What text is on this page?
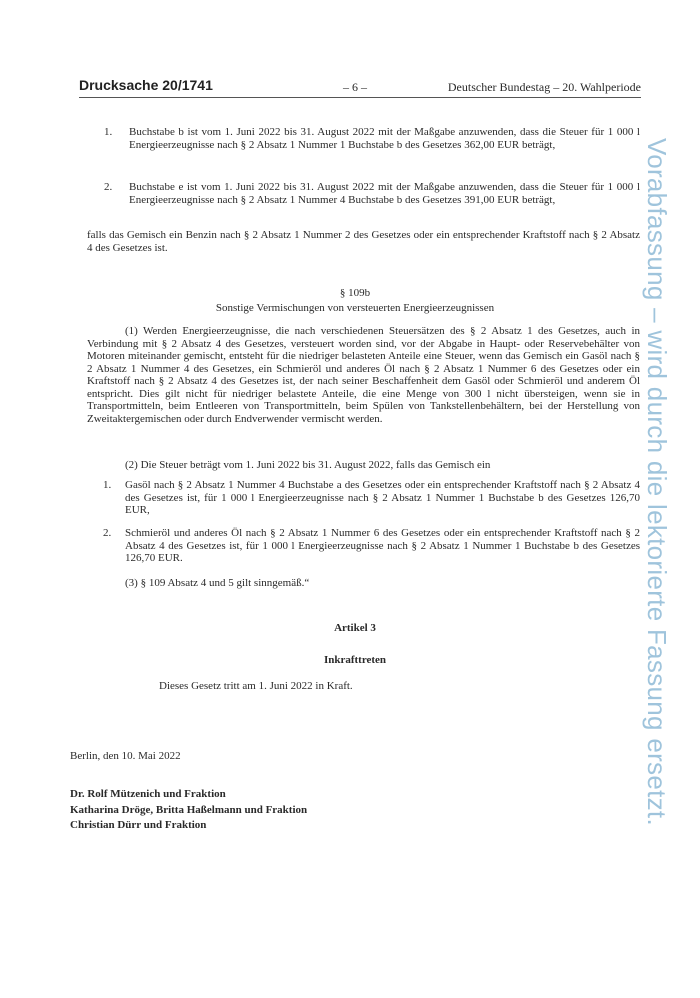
Drucksache 20/1741	– 6 –	Deutscher Bundestag – 20. Wahlperiode
1. Buchstabe b ist vom 1. Juni 2022 bis 31. August 2022 mit der Maßgabe anzuwenden, dass die Steuer für 1 000 l Energieerzeugnisse nach § 2 Absatz 1 Nummer 1 Buchstabe b des Gesetzes 362,00 EUR beträgt,
2. Buchstabe e ist vom 1. Juni 2022 bis 31. August 2022 mit der Maßgabe anzuwenden, dass die Steuer für 1 000 l Energieerzeugnisse nach § 2 Absatz 1 Nummer 4 Buchstabe b des Gesetzes 391,00 EUR beträgt,
falls das Gemisch ein Benzin nach § 2 Absatz 1 Nummer 2 des Gesetzes oder ein entsprechender Kraftstoff nach § 2 Absatz 4 des Gesetzes ist.
§ 109b
Sonstige Vermischungen von versteuerten Energieerzeugnissen
(1) Werden Energieerzeugnisse, die nach verschiedenen Steuersätzen des § 2 Absatz 1 des Gesetzes, auch in Verbindung mit § 2 Absatz 4 des Gesetzes, versteuert worden sind, vor der Abgabe in Haupt- oder Reservebehälter von Motoren miteinander gemischt, entsteht für die niedriger belasteten Anteile eine Steuer, wenn das Gemisch ein Gasöl nach § 2 Absatz 1 Nummer 4 des Gesetzes, ein Schmieröl und anderes Öl nach § 2 Absatz 1 Nummer 6 des Gesetzes oder ein Kraftstoff nach § 2 Absatz 4 des Gesetzes ist, der nach seiner Beschaffenheit dem Gasöl oder Schmieröl und anderem Öl entspricht. Dies gilt nicht für niedriger belastete Anteile, die eine Menge von 300 l nicht übersteigen, wenn sie in Transportmitteln, beim Entleeren von Transportmitteln, beim Spülen von Tankstellenbehältern, bei der Herstellung von Zweitaktergemischen oder durch Endverwender vermischt werden.
(2) Die Steuer beträgt vom 1. Juni 2022 bis 31. August 2022, falls das Gemisch ein
1. Gasöl nach § 2 Absatz 1 Nummer 4 Buchstabe a des Gesetzes oder ein entsprechender Kraftstoff nach § 2 Absatz 4 des Gesetzes ist, für 1 000 l Energieerzeugnisse nach § 2 Absatz 1 Nummer 1 Buchstabe b des Gesetzes 126,70 EUR,
2. Schmieröl und anderes Öl nach § 2 Absatz 1 Nummer 6 des Gesetzes oder ein entsprechender Kraftstoff nach § 2 Absatz 4 des Gesetzes ist, für 1 000 l Energieerzeugnisse nach § 2 Absatz 1 Nummer 1 Buchstabe b des Gesetzes 126,70 EUR.
(3) § 109 Absatz 4 und 5 gilt sinngemäß.“
Artikel 3
Inkrafttreten
Dieses Gesetz tritt am 1. Juni 2022 in Kraft.
Berlin, den 10. Mai 2022
Dr. Rolf Mützenich und Fraktion
Katharina Dröge, Britta Haßelmann und Fraktion
Christian Dürr und Fraktion	Vorabfassung – wird durch die lektorierte Fassung ersetzt.
